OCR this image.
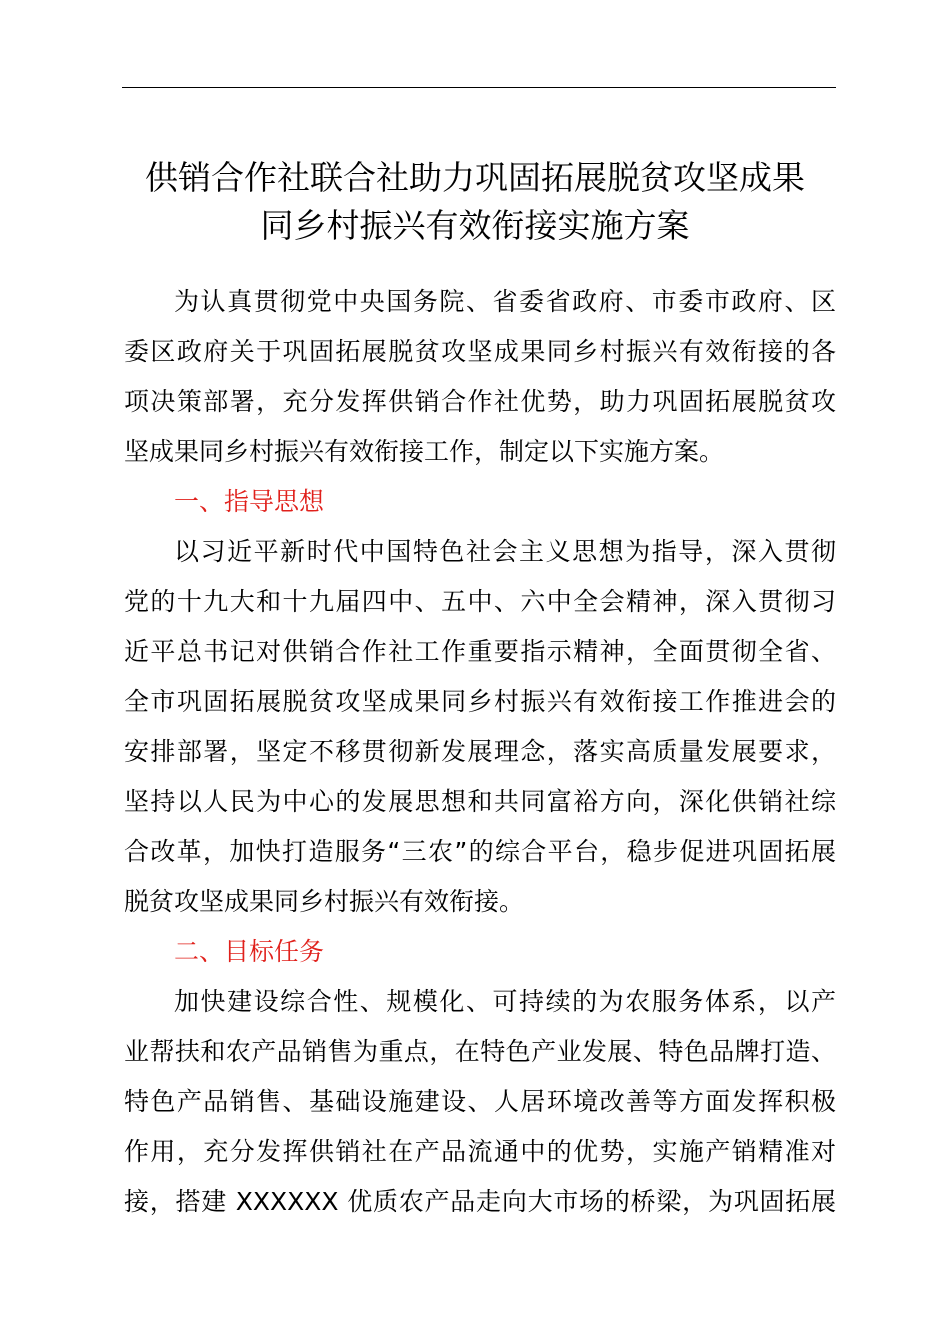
供销合作社联合社助力巩固拓展脱贫攻坚成果
同乡村振兴有效衔接实施方案
为认真贯彻党中央国务院、省委省政府、市委市政府、区
委区政府关于巩固拓展脱贫攻坚成果同乡村振兴有效衔接的各
项决策部署，充分发挥供销合作社优势，助力巩固拓展脱贫攻
坚成果同乡村振兴有效衔接工作，制定以下实施方案。
一、指导思想
以习近平新时代中国特色社会主义思想为指导，深入贯彻
党的十九大和十九届四中、五中、六中全会精神，深入贯彻习
近平总书记对供销合作社工作重要指示精神，全面贯彻全省、
全市巩固拓展脱贫攻坚成果同乡村振兴有效衔接工作推进会的
安排部署，坚定不移贯彻新发展理念，落实高质量发展要求，
坚持以人民为中心的发展思想和共同富裕方向，深化供销社综
合改革，加快打造服务“三农”的综合平台，稳步促进巩固拓展
脱贫攻坚成果同乡村振兴有效衔接。
二、目标任务
加快建设综合性、规模化、可持续的为农服务体系，以产
业帮扶和农产品销售为重点，在特色产业发展、特色品牌打造、
特色产品销售、基础设施建设、人居环境改善等方面发挥积极
作用，充分发挥供销社在产品流通中的优势，实施产销精准对
接，搭建 XXXXXX 优质农产品走向大市场的桥梁，为巩固拓展
